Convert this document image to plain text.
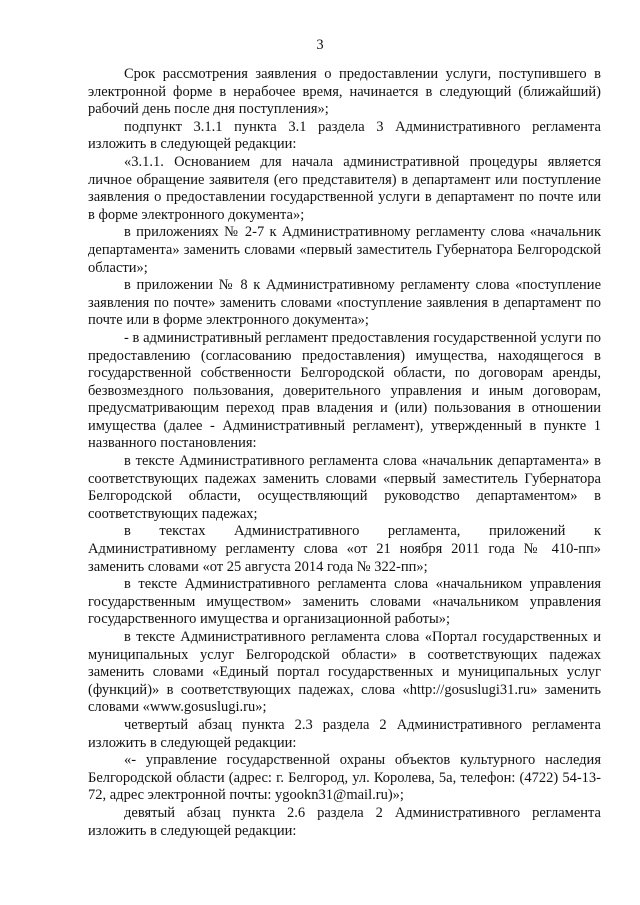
3

Срок рассмотрения заявления о предоставлении услуги, поступившего в электронной форме в нерабочее время, начинается в следующий (ближайший) рабочий день после дня поступления»;

подпункт 3.1.1 пункта 3.1 раздела 3 Административного регламента изложить в следующей редакции:

«3.1.1. Основанием для начала административной процедуры является личное обращение заявителя (его представителя) в департамент или поступление заявления о предоставлении государственной услуги в департамент по почте или в форме электронного документа»;

в приложениях № 2-7 к Административному регламенту слова «начальник департамента» заменить словами «первый заместитель Губернатора Белгородской области»;

в приложении № 8 к Административному регламенту слова «поступление заявления по почте» заменить словами «поступление заявления в департамент по почте или в форме электронного документа»;

- в административный регламент предоставления государственной услуги по предоставлению (согласованию предоставления) имущества, находящегося в государственной собственности Белгородской области, по договорам аренды, безвозмездного пользования, доверительного управления и иным договорам, предусматривающим переход прав владения и (или) пользования в отношении имущества (далее - Административный регламент), утвержденный в пункте 1 названного постановления:

в тексте Административного регламента слова «начальник департамента» в соответствующих падежах заменить словами «первый заместитель Губернатора Белгородской области, осуществляющий руководство департаментом» в соответствующих падежах;

в текстах Административного регламента, приложений к Административному регламенту слова «от 21 ноября 2011 года № 410-пп» заменить словами «от 25 августа 2014 года № 322-пп»;

в тексте Административного регламента слова «начальником управления государственным имуществом» заменить словами «начальником управления государственного имущества и организационной работы»;

в тексте Административного регламента слова «Портал государственных и муниципальных услуг Белгородской области» в соответствующих падежах заменить словами «Единый портал государственных и муниципальных услуг (функций)» в соответствующих падежах, слова «http://gosuslugi31.ru» заменить словами «www.gosuslugi.ru»;

четвертый абзац пункта 2.3 раздела 2 Административного регламента изложить в следующей редакции:

«- управление государственной охраны объектов культурного наследия Белгородской области (адрес: г. Белгород, ул. Королева, 5а, телефон: (4722) 54-13-72, адрес электронной почты: ygookn31@mail.ru)»;

девятый абзац пункта 2.6 раздела 2 Административного регламента изложить в следующей редакции:
